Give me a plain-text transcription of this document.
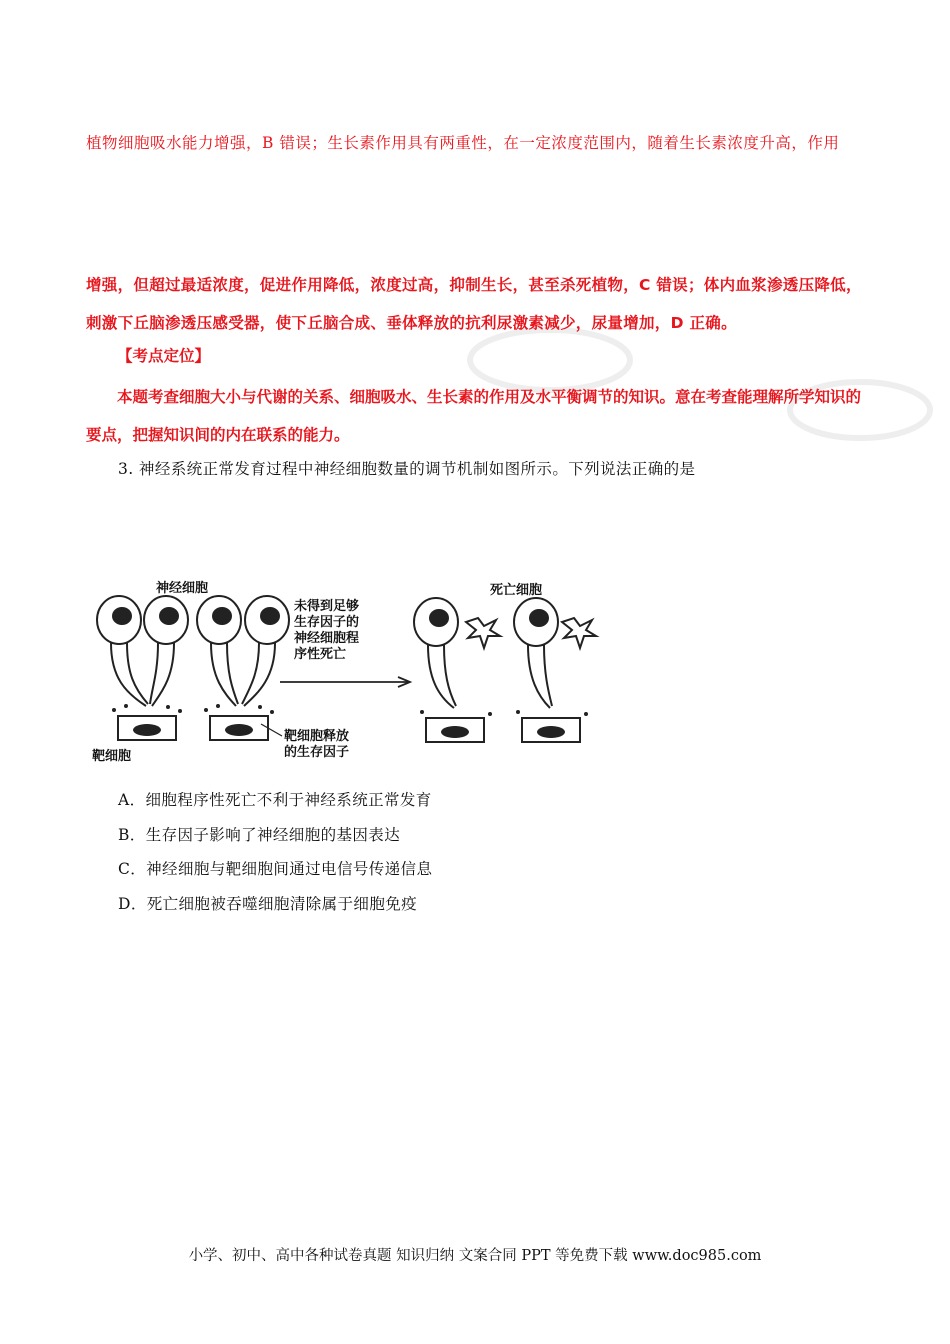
植物细胞吸水能力增强，B 错误；生长素作用具有两重性，在一定浓度范围内，随着生长素浓度升高，作用
增强，但超过最适浓度，促进作用降低，浓度过高，抑制生长，甚至杀死植物，C 错误；体内血浆渗透压降低，刺激下丘脑渗透压感受器，使下丘脑合成、垂体释放的抗利尿激素减少，尿量增加，D 正确。
【考点定位】
本题考查细胞大小与代谢的关系、细胞吸水、生长素的作用及水平衡调节的知识。意在考查能理解所学知识的要点，把握知识间的内在联系的能力。
3. 神经系统正常发育过程中神经细胞数量的调节机制如图所示。下列说法正确的是
神经细胞
靶细胞
死亡细胞
未得到足够
生存因子的
神经细胞程
序性死亡
靶细胞释放
的生存因子
A．细胞程序性死亡不利于神经系统正常发育
B．生存因子影响了神经细胞的基因表达
C．神经细胞与靶细胞间通过电信号传递信息
D．死亡细胞被吞噬细胞清除属于细胞免疫
小学、初中、高中各种试卷真题 知识归纳 文案合同 PPT 等免费下载 www.doc985.com
